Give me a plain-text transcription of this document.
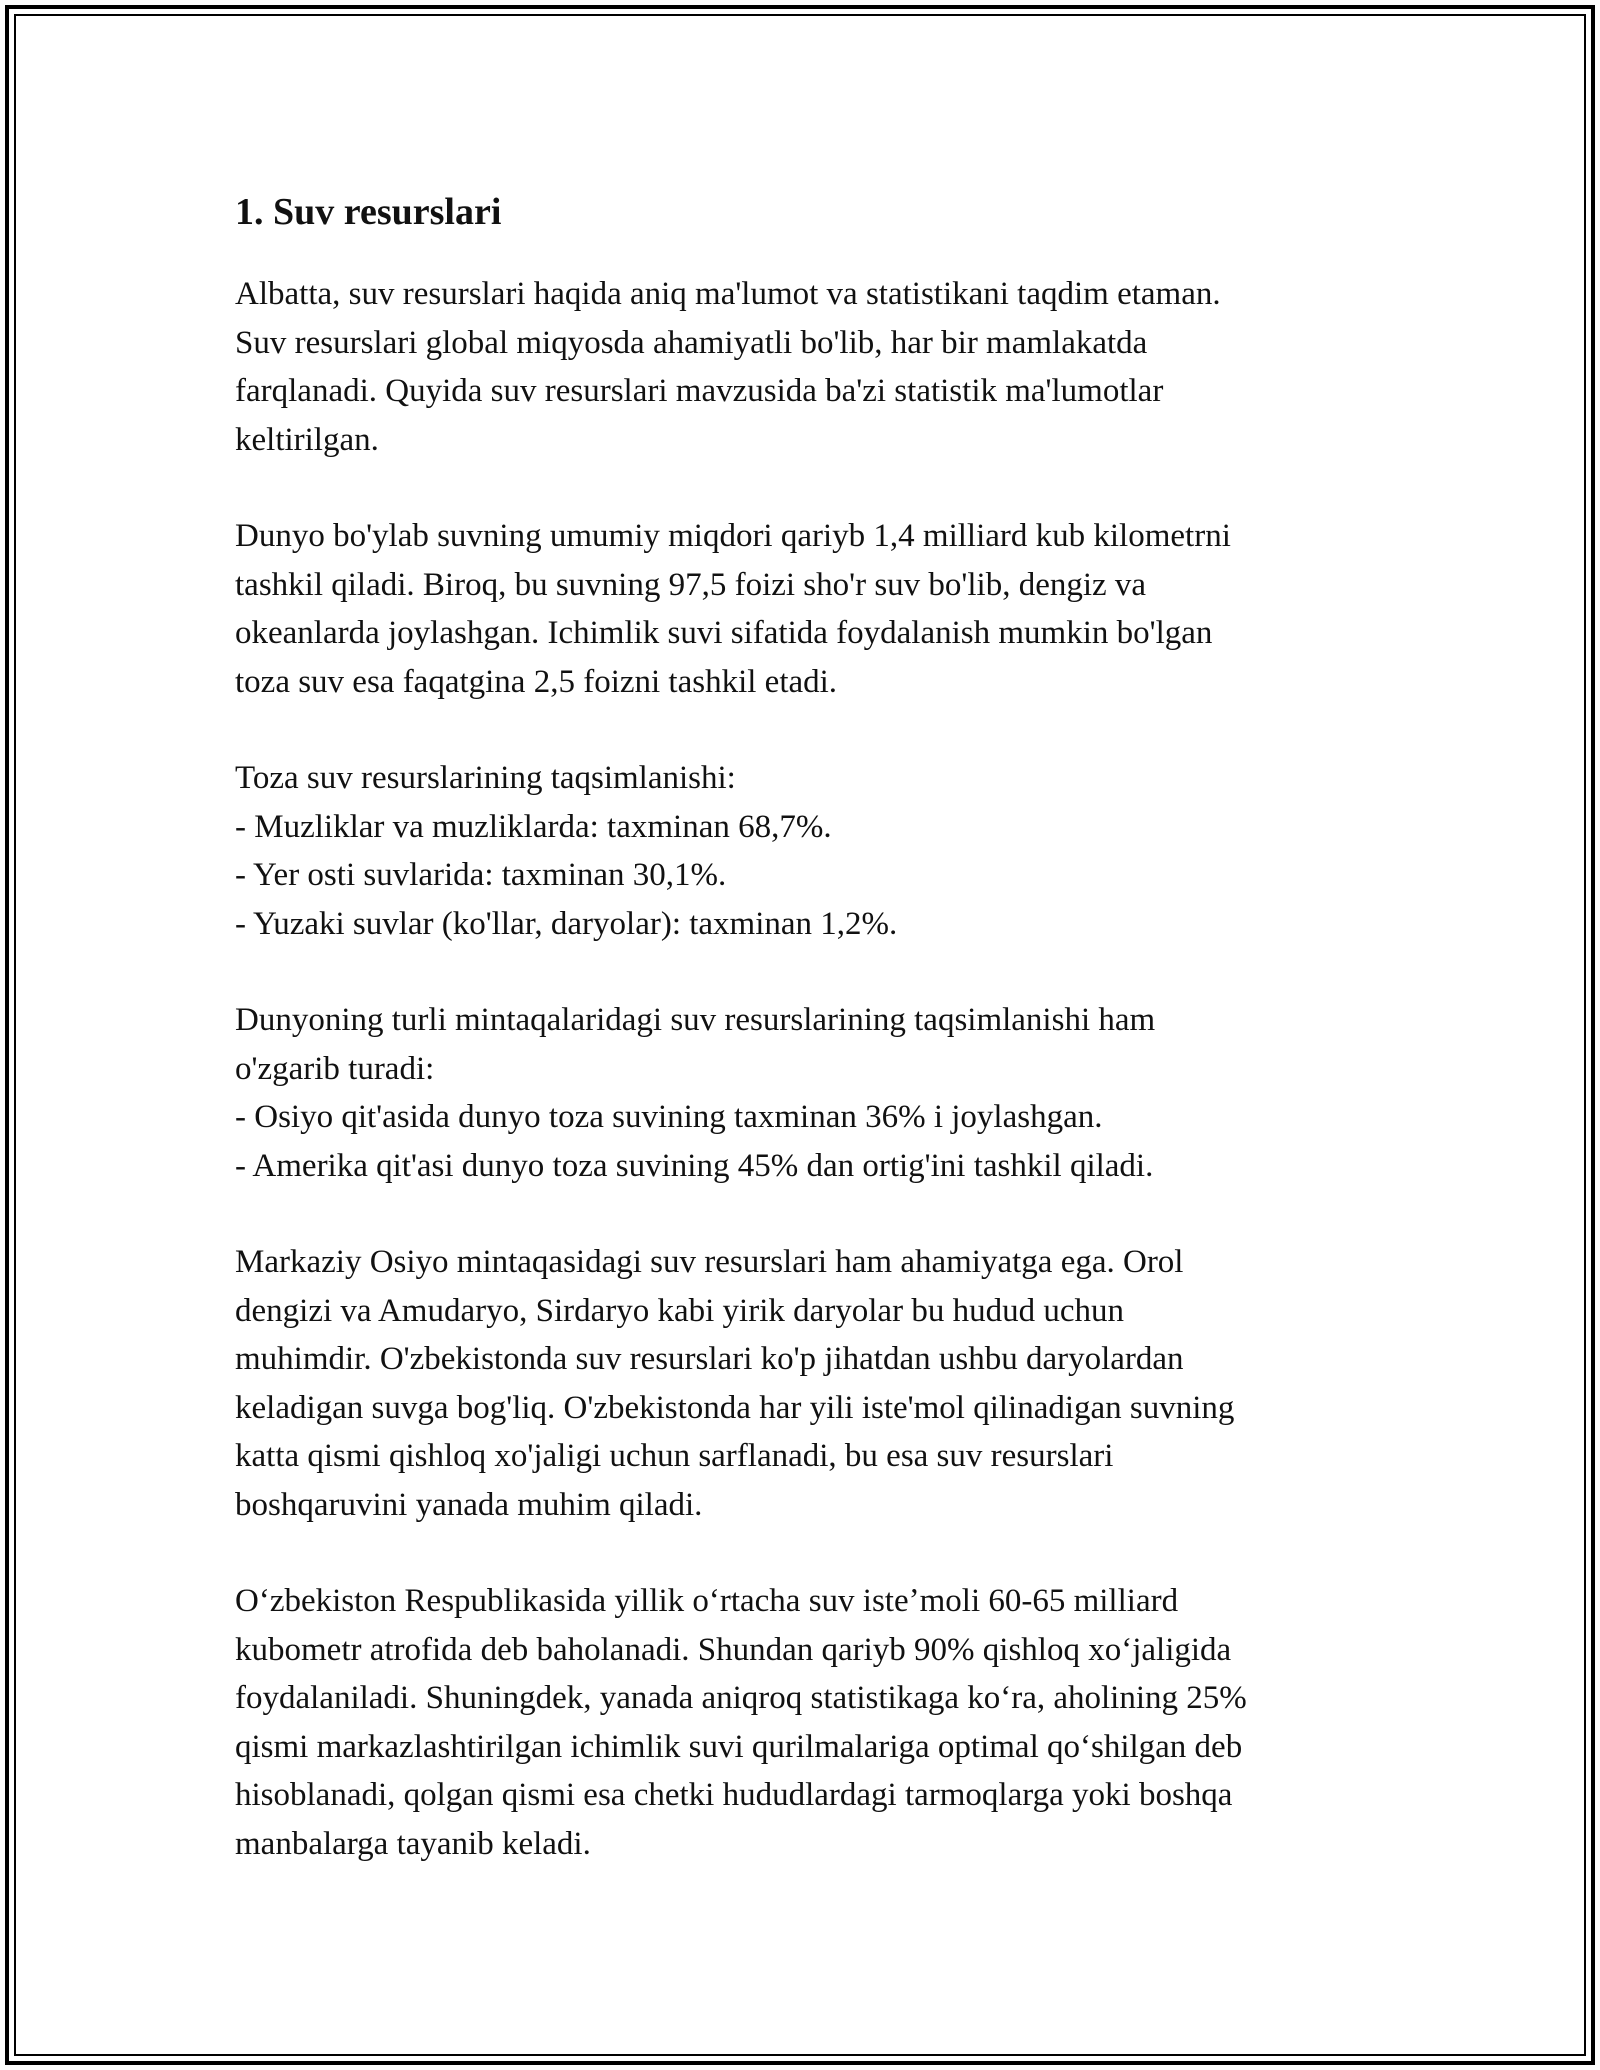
1. Suv resurslari

Albatta, suv resurslari haqida aniq ma'lumot va statistikani taqdim etaman.
Suv resurslari global miqyosda ahamiyatli bo'lib, har bir mamlakatda
farqlanadi. Quyida suv resurslari mavzusida ba'zi statistik ma'lumotlar
keltirilgan.

Dunyo bo'ylab suvning umumiy miqdori qariyb 1,4 milliard kub kilometrni
tashkil qiladi. Biroq, bu suvning 97,5 foizi sho'r suv bo'lib, dengiz va
okeanlarda joylashgan. Ichimlik suvi sifatida foydalanish mumkin bo'lgan
toza suv esa faqatgina 2,5 foizni tashkil etadi.

Toza suv resurslarining taqsimlanishi:
- Muzliklar va muzliklarda: taxminan 68,7%.
- Yer osti suvlarida: taxminan 30,1%.
- Yuzaki suvlar (ko'llar, daryolar): taxminan 1,2%.

Dunyoning turli mintaqalaridagi suv resurslarining taqsimlanishi ham
o'zgarib turadi:
- Osiyo qit'asida dunyo toza suvining taxminan 36% i joylashgan.
- Amerika qit'asi dunyo toza suvining 45% dan ortig'ini tashkil qiladi.

Markaziy Osiyo mintaqasidagi suv resurslari ham ahamiyatga ega. Orol
dengizi va Amudaryo, Sirdaryo kabi yirik daryolar bu hudud uchun
muhimdir. O'zbekistonda suv resurslari ko'p jihatdan ushbu daryolardan
keladigan suvga bog'liq. O'zbekistonda har yili iste'mol qilinadigan suvning
katta qismi qishloq xo'jaligi uchun sarflanadi, bu esa suv resurslari
boshqaruvini yanada muhim qiladi.

Oʻzbekiston Respublikasida yillik oʻrtacha suv isteʼmoli 60-65 milliard
kubometr atrofida deb baholanadi. Shundan qariyb 90% qishloq xoʻjaligida
foydalaniladi. Shuningdek, yanada aniqroq statistikaga koʻra, aholining 25%
qismi markazlashtirilgan ichimlik suvi qurilmalariga optimal qoʻshilgan deb
hisoblanadi, qolgan qismi esa chetki hududlardagi tarmoqlarga yoki boshqa
manbalarga tayanib keladi.
